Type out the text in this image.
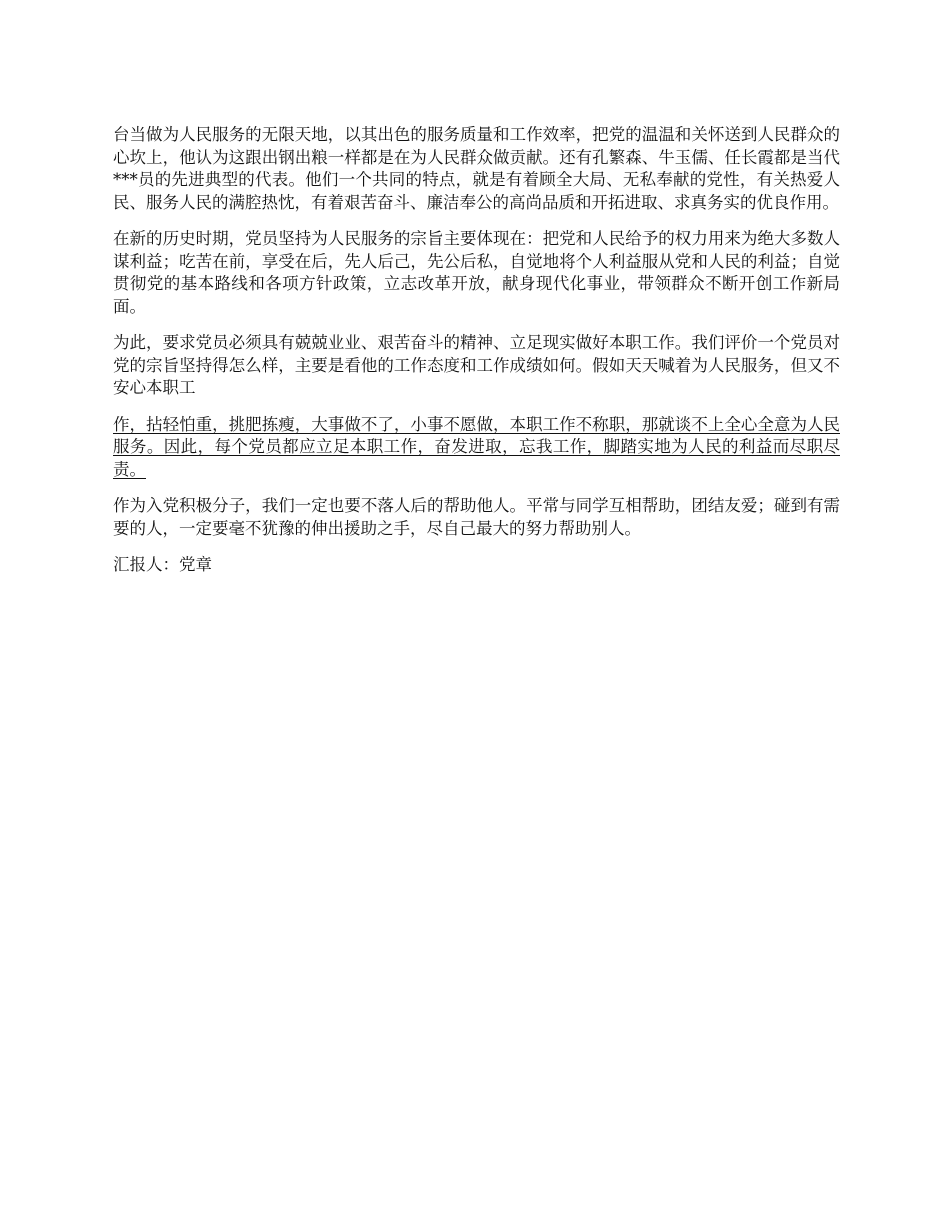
台当做为人民服务的无限天地，以其出色的服务质量和工作效率，把党的温温和关怀送到人民群众的心坎上，他认为这跟出钢出粮一样都是在为人民群众做贡献。还有孔繁森、牛玉儒、任长霞都是当代***员的先进典型的代表。他们一个共同的特点，就是有着顾全大局、无私奉献的党性，有关热爱人民、服务人民的满腔热忱，有着艰苦奋斗、廉洁奉公的高尚品质和开拓进取、求真务实的优良作用。

在新的历史时期，党员坚持为人民服务的宗旨主要体现在：把党和人民给予的权力用来为绝大多数人谋利益；吃苦在前，享受在后，先人后己，先公后私，自觉地将个人利益服从党和人民的利益；自觉贯彻党的基本路线和各项方针政策，立志改革开放，献身现代化事业，带领群众不断开创工作新局面。

为此，要求党员必须具有兢兢业业、艰苦奋斗的精神、立足现实做好本职工作。我们评价一个党员对党的宗旨坚持得怎么样，主要是看他的工作态度和工作成绩如何。假如天天喊着为人民服务，但又不安心本职工

作，拈轻怕重，挑肥拣瘦，大事做不了，小事不愿做，本职工作不称职，那就谈不上全心全意为人民服务。因此，每个党员都应立足本职工作，奋发进取，忘我工作，脚踏实地为人民的利益而尽职尽责。

作为入党积极分子，我们一定也要不落人后的帮助他人。平常与同学互相帮助，团结友爱；碰到有需要的人，一定要毫不犹豫的伸出援助之手，尽自己最大的努力帮助别人。

汇报人：党章
